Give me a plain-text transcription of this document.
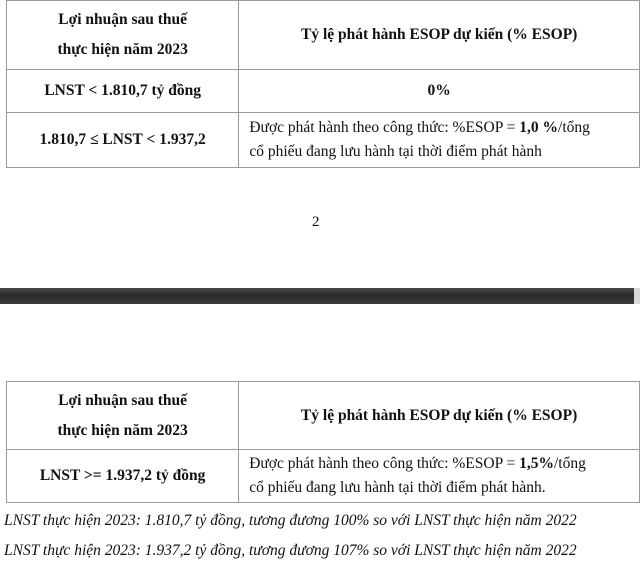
Lợi nhuận sau thuế
thực hiện năm 2023	Tỷ lệ phát hành ESOP dự kiến (% ESOP)
LNST < 1.810,7 tỷ đồng	0%
1.810,7 ≤ LNST < 1.937,2	Được phát hành theo công thức: %ESOP = 1,0 %/tổng
cổ phiếu đang lưu hành tại thời điểm phát hành
2
Lợi nhuận sau thuế
thực hiện năm 2023	Tỷ lệ phát hành ESOP dự kiến (% ESOP)
LNST >= 1.937,2 tỷ đồng	Được phát hành theo công thức: %ESOP = 1,5%/tổng
cổ phiếu đang lưu hành tại thời điểm phát hành.
LNST thực hiện 2023: 1.810,7 tỷ đồng, tương đương 100% so với LNST thực hiện năm 2022
LNST thực hiện 2023: 1.937,2 tỷ đồng, tương đương 107% so với LNST thực hiện năm 2022
